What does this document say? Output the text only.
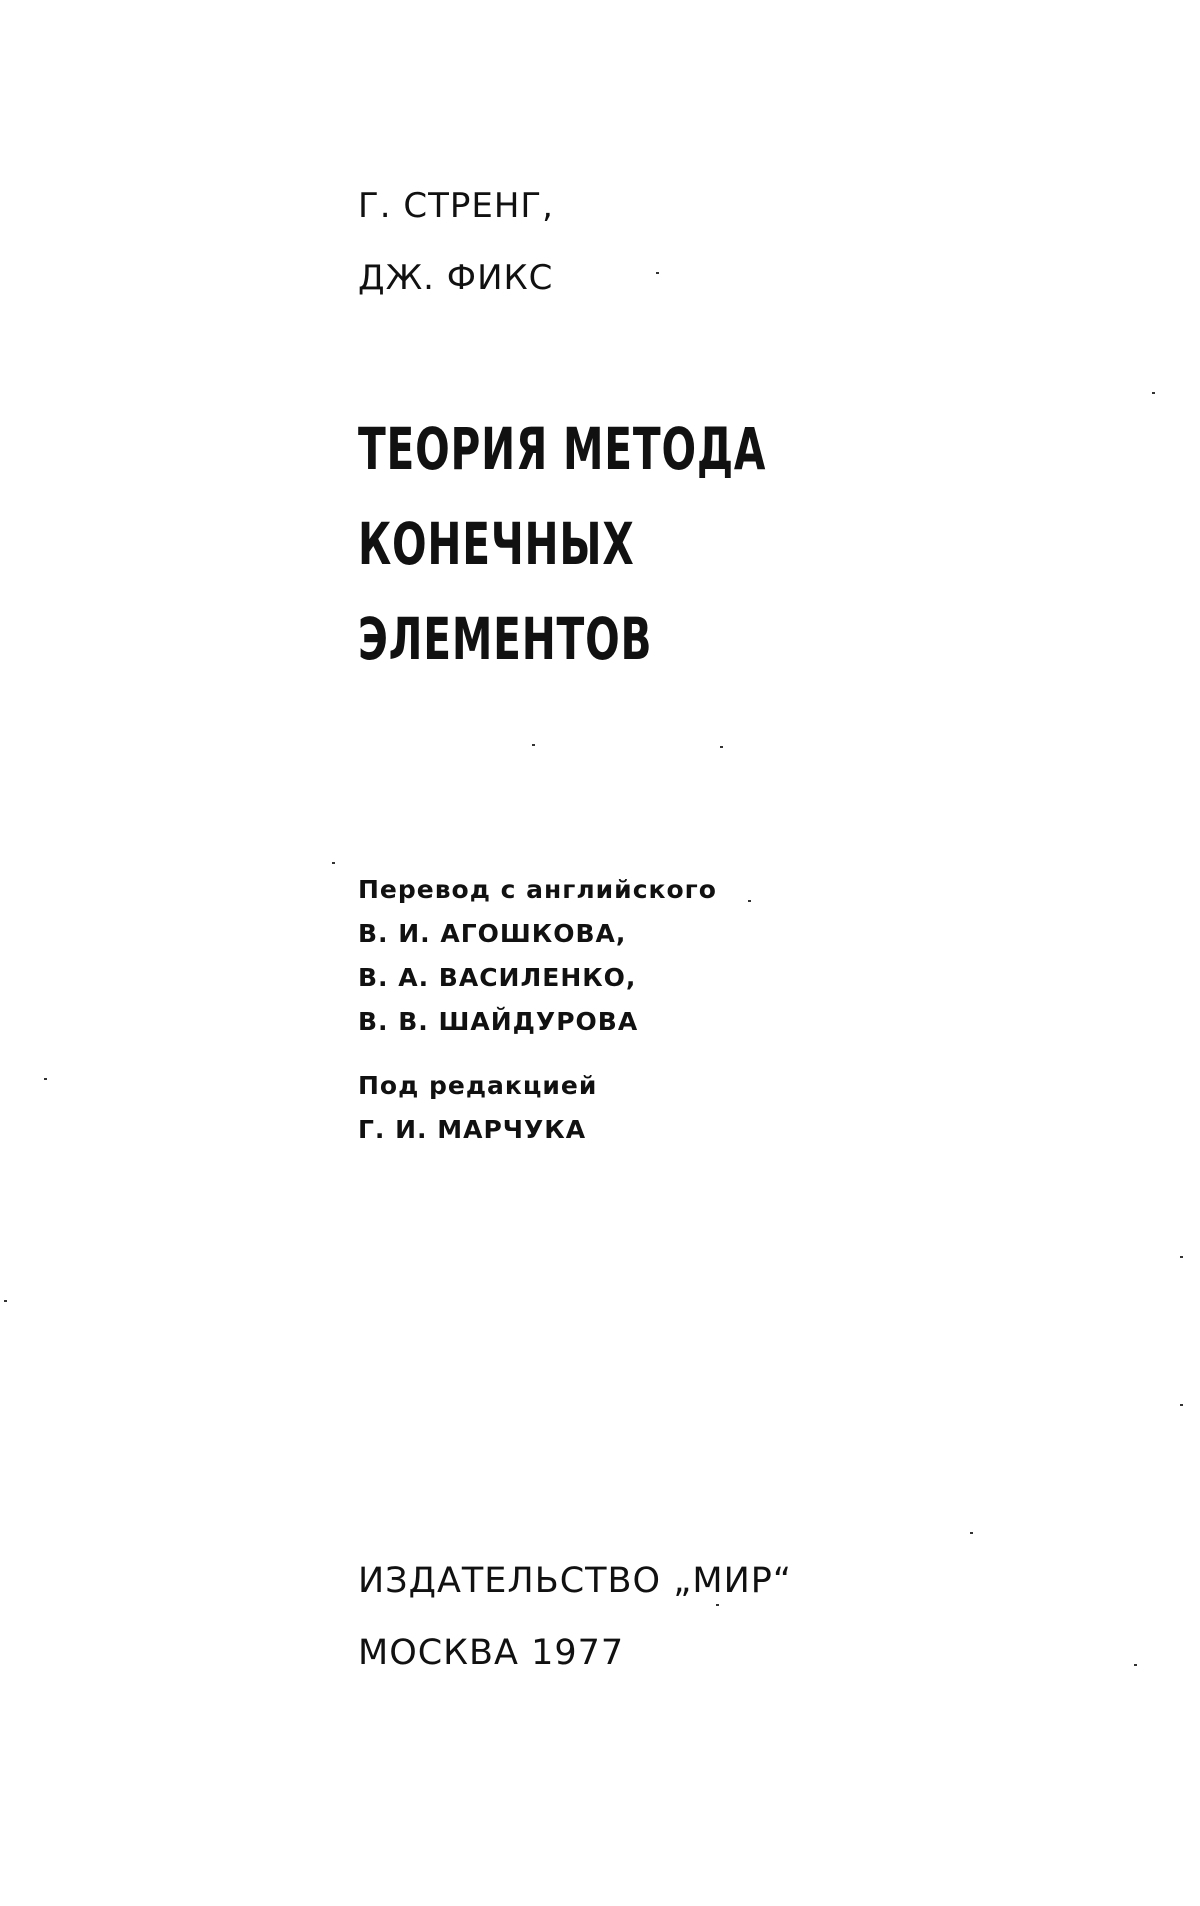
Г. СТРЕНГ,
ДЖ. ФИКС
ТЕОРИЯ МЕТОДА
КОНЕЧНЫХ
ЭЛЕМЕНТОВ
Перевод с английского
В. И. АГОШКОВА,
В. А. ВАСИЛЕНКО,
В. В. ШАЙДУРОВА
Под редакцией
Г. И. МАРЧУКА
ИЗДАТЕЛЬСТВО „МИР“
МОСКВА 1977
